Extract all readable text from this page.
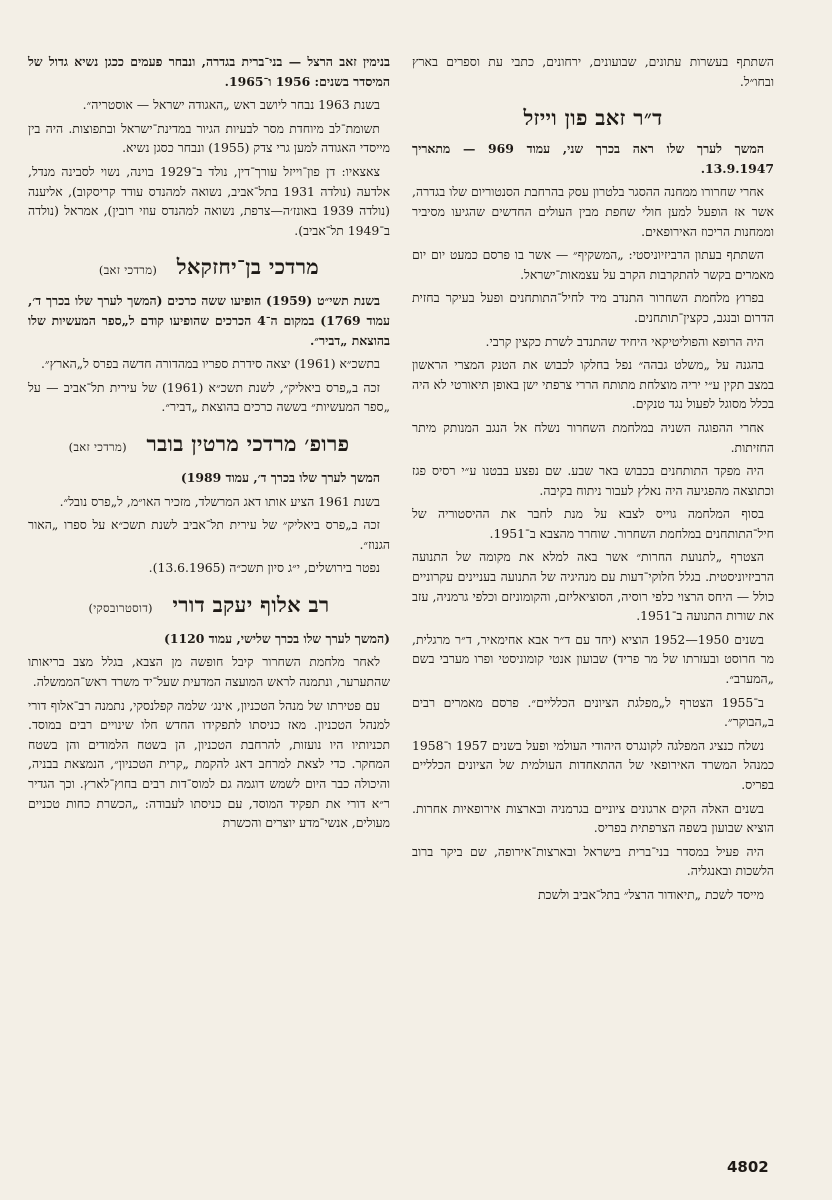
השתתף בעשרות עתונים, שבועונים, ירחונים, כתבי עת וספרים בארץ ובחו״ל.

ד״ר זאב פון וייזל

המשך לערך שלו ראה בכרך שני, עמוד 969 — מתאריך 13.9.1947.

אחרי שחרורו ממחנה ההסגר בלטרון עסק בהרחבת הסנטוריום שלו בגדרה, אשר אז הופעל למען חולי שחפת מבין העולים החדשים שהגיעו מסיביר וממחנות הריכוז האירופאים.

השתתף בעתון הרביזיוניסטי: „המשקיף״ — אשר בו פרסם כמעט יום יום מאמרים בקשר להתקרבות הקרב על עצמאות־ישראל.

בפרוץ מלחמת השחרור התנדב מיד לחיל־התותחנים ופעל בעיקר בחזית הדרום ובנגב, כקצין־תותחנים.

היה הרופא והפוליטיקאי היחיד שהתנדב לשרת כקצין קרבי.

בהגנה על „משלט גבהה״ נפל בחלקו לכבוש את הטנק המצרי הראשון במצב תקין ע״י יריה מוצלחת מתותח הררי צרפתי ישן באופן תיאורטי לא היה בכלל מסוגל לפעול נגד טנקים.

אחרי ההפוגה השניה במלחמת השחרור נשלח אל הנגב המנותק מיתר החזיתות.

היה מפקד התותחנים בכבוש באר שבע. שם נפצע בבטנו ע״י רסיס פגז וכתוצאה מהפגיעה היה נאלץ לעבור ניתוח בקיבה.

בסוף המלחמה גוייס לצבא על מנת לחבר את ההיסטוריה של חיל־התותחנים במלחמת השחרור. שוחרר מהצבא ב־1951.

הצטרף „לתנועת החרות״ אשר באה למלא את מקומה של התנועה הרביזיוניסטית. בגלל חלוקי־דעות עם מנהיגיה של התנועה בעניינים עקרוניים כולל — היחס הרצוי כלפי רוסיה, הסוציאליזם, והקומוניזם וכלפי גרמניה, עזב את שורות התנועה ב־1951.

בשנים 1950—1952 הוציא (יחד עם ד״ר אבא אחימאיר, ד״ר מרגלית, מר חרוסט ובעזרתו של מר פריד) שבועון אנטי קומוניסטי ופרו מערבי בשם „המערב״.

ב־1955 הצטרף ל„מפלגת הציונים הכלליים״. פרסם מאמרים רבים ב„הבוקר״.

נשלח כנציג המפלגה לקונגרס היהודי העולמי ופעל בשנים 1957 ו־1958 כמנהל המשרד האירופאי של ההתאחדות העולמית של הציונים הכלליים בפריס.

בשנים האלה הקים ארגונים ציוניים בגרמניה ובארצות אירופאיות אחרות. הוציא שבועון בשפה הצרפתית בפריס.

היה פעיל במסדר בני־ברית בישראל ובארצות־אירופה, שם ביקר ברוב הלשכות ובאנגליה.

מייסד לשכת „תיאודור הרצל״ בתל־אביב ולשכת

בנימין זאב הרצל — בני־ברית בגדרה, ונבחר פעמים ככגן נשיא גדול של המיסדר בשנים: 1956 ו־1965.

בשנת 1963 נבחר ליושב ראש „האגודה ישראל — אוסטריה״.

תשומת־לב מיוחדת מסר לבעיות הגיור במדינת־ישראל ובתפוצות. היה בין מייסדי האגודה למען גרי צדק (1955) ונבחר כסגן נשיא.

צאצאיו: דן פון־וייזל עורך־דין, נולד ב־1929 בוינה, נשוי לסבינה מנדל, אלדעה (נולדה 1931 בתל־אביב, נשואה למהנדס עודד קריסקוב), אליענה (נולדה 1939 באונז׳ה—צרפת, נשואה למהנדס עוזי רובין), אמראל (נולדה ב־1949 תל־אביב).

מרדכי בן־יחזקאל (מרדכי זאב)

בשנת תשי״ט (1959) הופיעו ששה כרכים (המשך לערך שלו בכרך ד׳, עמוד 1769) במקום ה־4 הכרכים שהופיעו קודם ל„ספר המעשיות שלו בהוצאת „דביר״.

בתשכ״א (1961) יצאה סידרת ספריו במהדורה חדשה בפרס ל„הארץ״.

זכה ב„פרס ביאליק״, לשנת תשכ״א (1961) של עירית תל־אביב — על „ספר המעשיות״ בששה כרכים בהוצאת „דביר״.

פרופ׳ מרדכי מרטין בובר (מרדכי זאב)

המשך לערך שלו בכרך ד׳, עמוד 1989)

בשנת 1961 הציע אותו דאג המרשלד, מזכיר האו״מ, ל„פרס נובל״.

זכה ב„פרס ביאליק״ של עירית תל־אביב לשנת תשכ״א על ספרו „האור הגנוז״.

נפטר בירושלים, י״ג סיון תשכ״ה (13.6.1965).

רב אלוף יעקב דורי (דוסטרובסקי)

(המשך לערך שלו בכרך שלישי, עמוד 1120)

לאחר מלחמת השחרור קיבל חופשה מן הצבא, בגלל מצב בריאותו שהתערער, ונתמנה לראש המועצה המדעית שעל־יד משרד ראש־הממשלה.

עם פטירתו של מנהל הטכניון, אינג׳ שלמה קפלנסקי, נתמנה רב־אלוף דורי למנהל הטכניון. מאז כניסתו לתפקידו החדש חלו שינויים רבים במוסד. תכניותיו היו נועזות, להרחבת הטכניון, הן בשטח הלמודים והן בשטח המחקר. כדי לצאת למרחב דאג להקמת „קרית הטכניון״, הנמצאת בבניה, והיכולה כבר היום לשמש דוגמה גם למוס־דות רבים בחוץ־לארץ. וכך הגדיר ר״א דורי את תפקיד המוסד, עם כניסתו לעבודה: „הכשרת כחות טכניים מעולים, אנשי־מדע יוצרים והכשרת

4802
